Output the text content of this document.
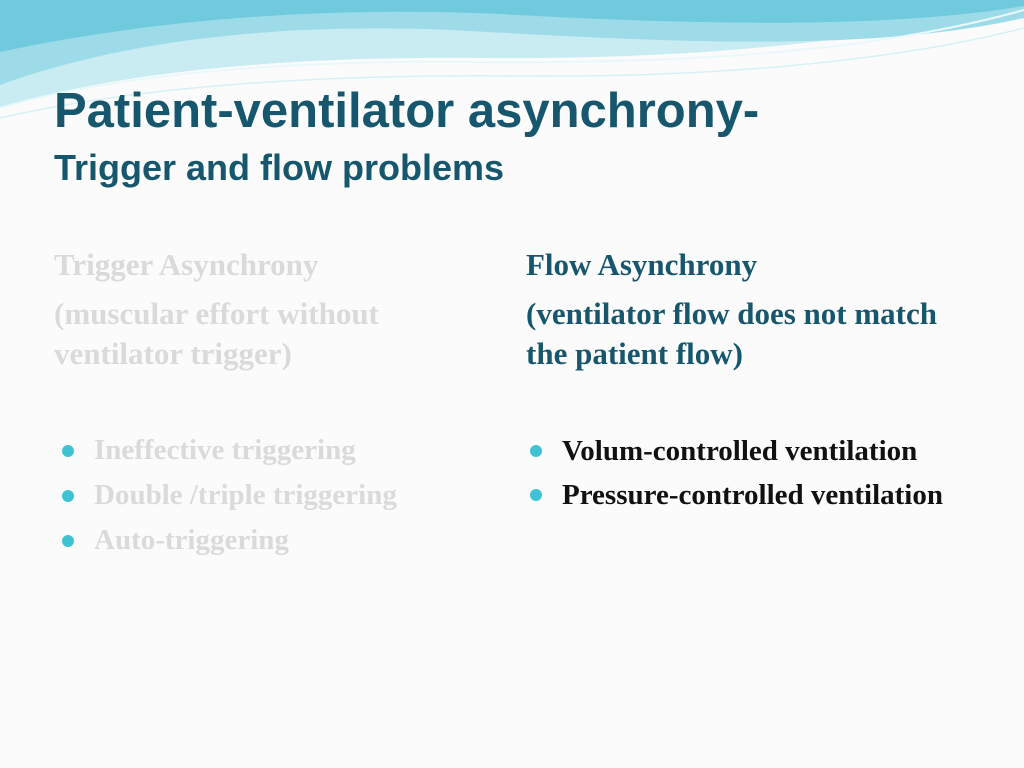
Patient-ventilator asynchrony-
Trigger and flow problems

Trigger Asynchrony

(muscular effort without ventilator trigger)

Flow Asynchrony

(ventilator flow does not match the patient flow)

Ineffective triggering
Double /triple triggering
Auto-triggering
Volum-controlled ventilation
Pressure-controlled ventilation
